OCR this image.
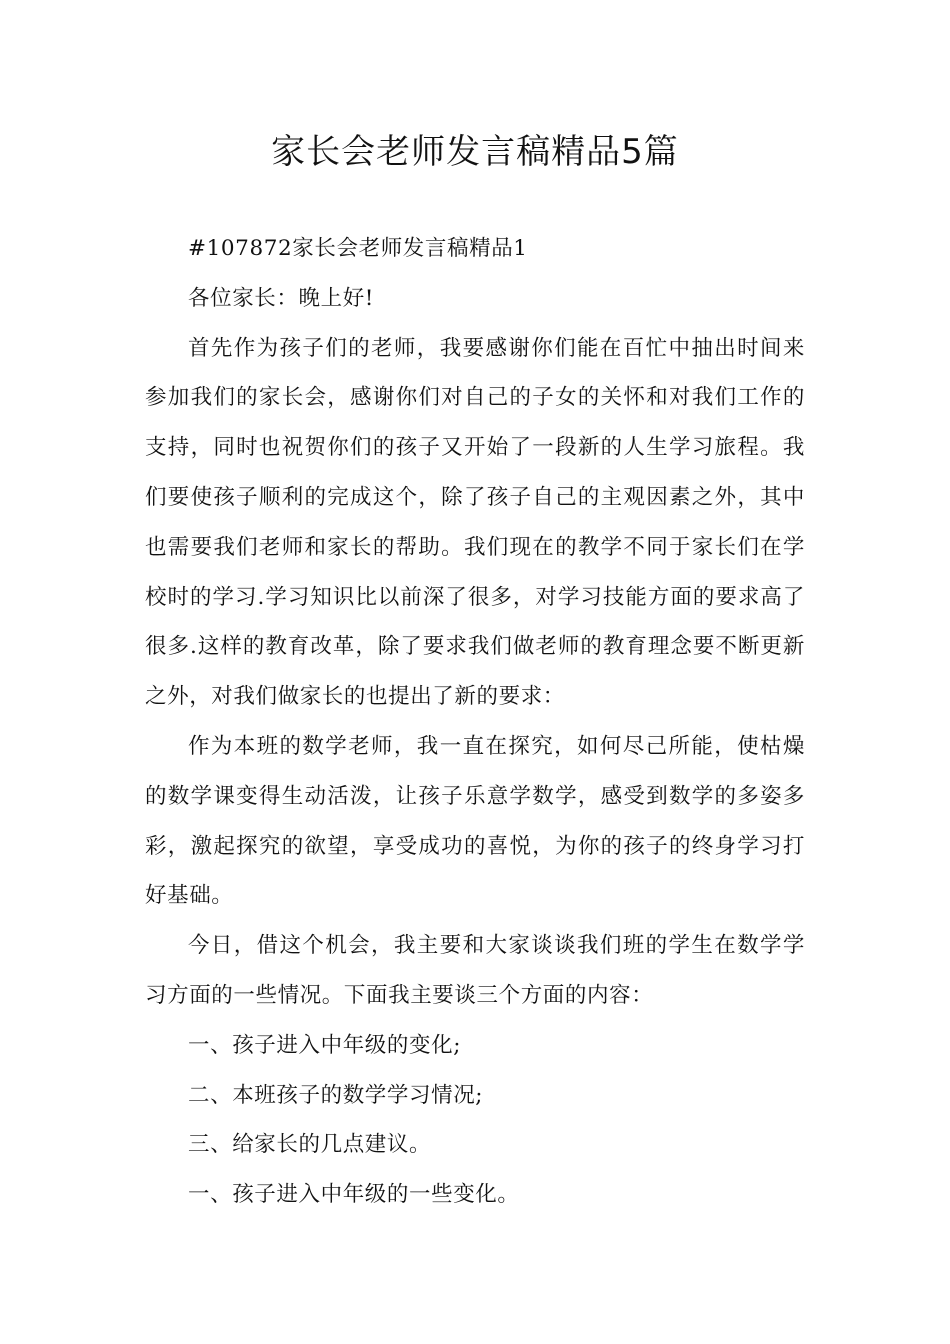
家长会老师发言稿精品5篇

#107872家长会老师发言稿精品1

各位家长：晚上好!

首先作为孩子们的老师，我要感谢你们能在百忙中抽出时间来参加我们的家长会，感谢你们对自己的子女的关怀和对我们工作的支持，同时也祝贺你们的孩子又开始了一段新的人生学习旅程。我们要使孩子顺利的完成这个，除了孩子自己的主观因素之外，其中也需要我们老师和家长的帮助。我们现在的教学不同于家长们在学校时的学习.学习知识比以前深了很多，对学习技能方面的要求高了很多.这样的教育改革，除了要求我们做老师的教育理念要不断更新之外，对我们做家长的也提出了新的要求：

作为本班的数学老师，我一直在探究，如何尽己所能，使枯燥的数学课变得生动活泼，让孩子乐意学数学，感受到数学的多姿多彩，激起探究的欲望，享受成功的喜悦，为你的孩子的终身学习打好基础。

今日，借这个机会，我主要和大家谈谈我们班的学生在数学学习方面的一些情况。下面我主要谈三个方面的内容：

一、孩子进入中年级的变化;

二、本班孩子的数学学习情况;

三、给家长的几点建议。

一、孩子进入中年级的一些变化。
